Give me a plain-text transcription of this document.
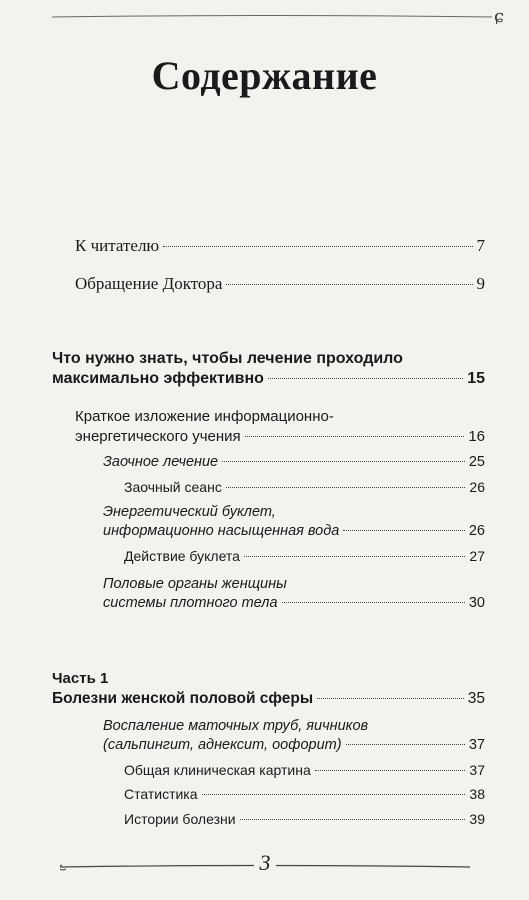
ɕ
Содержание
К читателю	7
Обращение Доктора	9
Что нужно знать, чтобы лечение проходило
максимально эффективно	15
Краткое изложение информационно-
энергетического учения	16
Заочное лечение	25
Заочный сеанс	26
Энергетический буклет,
информационно насыщенная вода	26
Действие буклета	27
Половые органы женщины
системы плотного тела	30
Часть 1
Болезни женской половой сферы	35
Воспаление маточных труб, яичников
(сальпингит, аднексит, оофорит)	37
Общая клиническая картина	37
Статистика	38
Истории болезни	39
3
